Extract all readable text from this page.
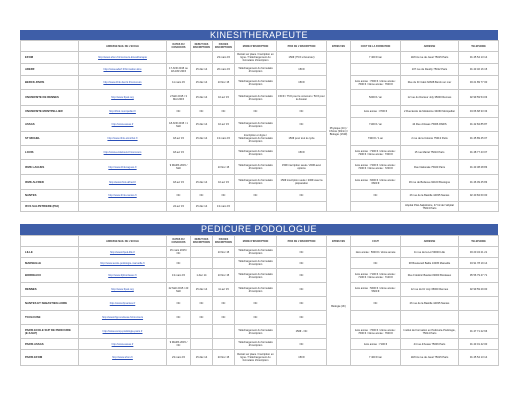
KINESITHERAPEUTE
	ADRESSE MAIL DE L'ECOLE	DATES DU CONCOURS	DEBUT DES INSCRIPTIONS	FIN DES INSCRIPTIONS	MODE D'INSCRIPTION	PRIX DE L'INSCRIPTION	EPREUVES	COUT DE LA FORMATION	ADRESSE	TELEPHONE
EFOM	http://www.efom.fr/concours-kinesitherapie			23 mars 15	Retrait sur place / Inscription en ligne / Téléchargement du formulaire d'inscription	150€ (75 € si boursier)	Physique (1h) / Chimie (30min) / Biologie (1h30)	7 400 € /an	118 bis rue de Javel 75015 Paris	01 45 54 13 14
ADERF	http://www.aderf.fr/formation-kine	17 AVR 2015 ou 18 AVR 2015	15 déc 14	20 mars 15	Téléchargement du formulaire d'inscription	150 €			107 rue de Reuilly 75012 Paris	01 43 46 16 15
BERCK-PARIS	http://www.ifmk-berck.fr/concours	11 mars 15	15 déc 14	13 févr 15	Téléchargement du formulaire d'inscription	150 €		1ère année : 7600 € / 2ème année : 7600 € / 3ème année : 7600 €	Rue du Dr Calot 62608 Berck sur mer	03 21 89 77 00
UNIVERSITE DE RENNES	http://www.ifpek.org	2 MAI 2015 / 3 MAI 2015	15 déc 14	10 avr 15	Téléchargement du formulaire d'inscription	150 € / 75 € pour le concours / 50 € pour le dossier		5200 € / an	12 rue du Docteur Joly 35000 Rennes	02 99 59 54 03
UNIVERSITE MONTPELLIER	http://ifmk.montpellier.fr	NC	NC	NC	NC	NC		1ère année : 3700 €	2 Rue Ecole de Médecine 34060 Montpellier	04 66 68 33 33
ASSAS	http://www.assas.fr	18 AVR 2015 / 1 MAI	15 déc 14	10 avr 15	Téléchargement du formulaire d'inscription	NC		7100 € / an	44 Rue d'Assas 75006 PARIS	01 42 84 85 87
ST MICHEL	http://www.ifmk-stmichel.fr	18 avr 15	15 déc 14	13 mars 15	Inscription en ligne / Téléchargement du formulaire d'inscription	150€ pour tout le cycle		7300 € / 1 an	2 rue de la Colonie 75013 Paris	01 45 89 45 07
LOUIS	http://www.ecolelouis.fr/concours	18 avr 15			Téléchargement du formulaire d'inscription	150 €		1ère année : 7300 € / 2ème année : 7300 € / 3ème année : 7300 €	15 rue Martel 75010 Paris	01 48 77 43 07
IFMK LAGUES	http://www.ifmk-lagues.fr	9 MARS 2015 / MAI		13 févr 15	Téléchargement du formulaire d'inscription	150€ inscription seule / 200€ avec options		1ère année : 7200 € / 2ème année : 7200 € / 3ème année : 7200 €	Rue Nationale 75020 Paris	01 43 38 28 83
IFMK ALFRED	http://www.ifmk-alfred.fr	18 avr 15	15 déc 14	10 avr 15	Téléchargement du formulaire d'inscription	150€ inscription seule / 200€ avec la préparation		1ère année : 6600 € / 2ème année : 6600 €	36 rue de Bellevue 92100 Boulogne	01 46 09 45 83
NANTES	http://www.ifmk-nantes.fr	NC	NC	NC	NC	NC		NC	26 rue de la Bastille 44035 Nantes	02 40 84 60 00
IFCS SALPETRIERE (PHI)		24 avr 15	15 déc 14	13 mars 15					Hôpital Pitié-Salpêtrière, 47 bd de l'Hôpital 75013 Paris	
PEDICURE PODOLOGUE
	ADRESSE MAIL DE L'ECOLE	DATES DU CONCOURS	DEBUT DES INSCRIPTIONS	FIN DES INSCRIPTIONS	MODE D'INSCRIPTION	PRIX DE L'INSCRIPTION	EPREUVES	COUT	ADRESSE	TELEPHONE
LILLE	http://www.ifpek-lille.fr	15 mars 2015 / NC		13 févr 15	Téléchargement du formulaire d'inscription	NC	Biologie (3h)	1ère année : 5600 € / 2ème année	11 rue de la Loi 59000 Lille	03 20 34 21 21
MARSEILLE	http://www.ecole-podologie-marseille.fr	NC			Téléchargement du formulaire d'inscription	NC		NC	38 Boulevard Baille 13005 Marseille	04 91 78 19 14
BORDEAUX	http://www.ifpbordeaux.fr	13 mars 15	1 déc 14	13 févr 15	Téléchargement du formulaire d'inscription	NC		1ère année : 7100 € / 2ème année : 7100 € / 3ème année : 7100 €	Rue Frédéric Bastiat 33000 Bordeaux	05 56 79 47 71
RENNES	http://www.ifpek.org	22 MAI 2015 / 23 MAI	15 déc 14	11 avr 15	Téléchargement du formulaire d'inscription	NC		1ère année : 5600 € / 2ème année : 5600 €	12 rue du Dr Joly 35000 Rennes	02 99 59 29 00
NANTES ET SEBASTIEN-LOIRE	http://www.ifpnantes.fr	NC	NC	NC	NC	NC		NC	26 rue de la Bastille 44035 Nantes	
TOULOUSE	http://www.ifpp-toulouse.fr/concours	NC	NC	NC	NC	NC				
PARIS ECOLE SUP DE PEDICURIE (E.S.M.P)	http://www.esmp-podologie-paris.fr				Téléchargement du formulaire d'inscription	150€ - NC		1ère année : 7600 € / 2ème année : 7600 € / 3ème année : 7600 €	Institut de Formation en Pédicurie-Podologie, 75014 Paris	01 47 71 22 66
PARIS ASSAS	http://www.assas.fr	9 MARS 2015 / NC			Téléchargement du formulaire d'inscription	NC		1ère année : 7100 €	44 rue d'Assas 75006 Paris	01 43 01 42 00
PARIS EFOM	http://www.efom.fr	23 mars 15	15 déc 14	23 févr 15	Retrait sur place / Inscription en ligne / Téléchargement du formulaire d'inscription	150 €		7 400 € /an	118 bis rue de Javel 75015 Paris	01 45 54 13 14
